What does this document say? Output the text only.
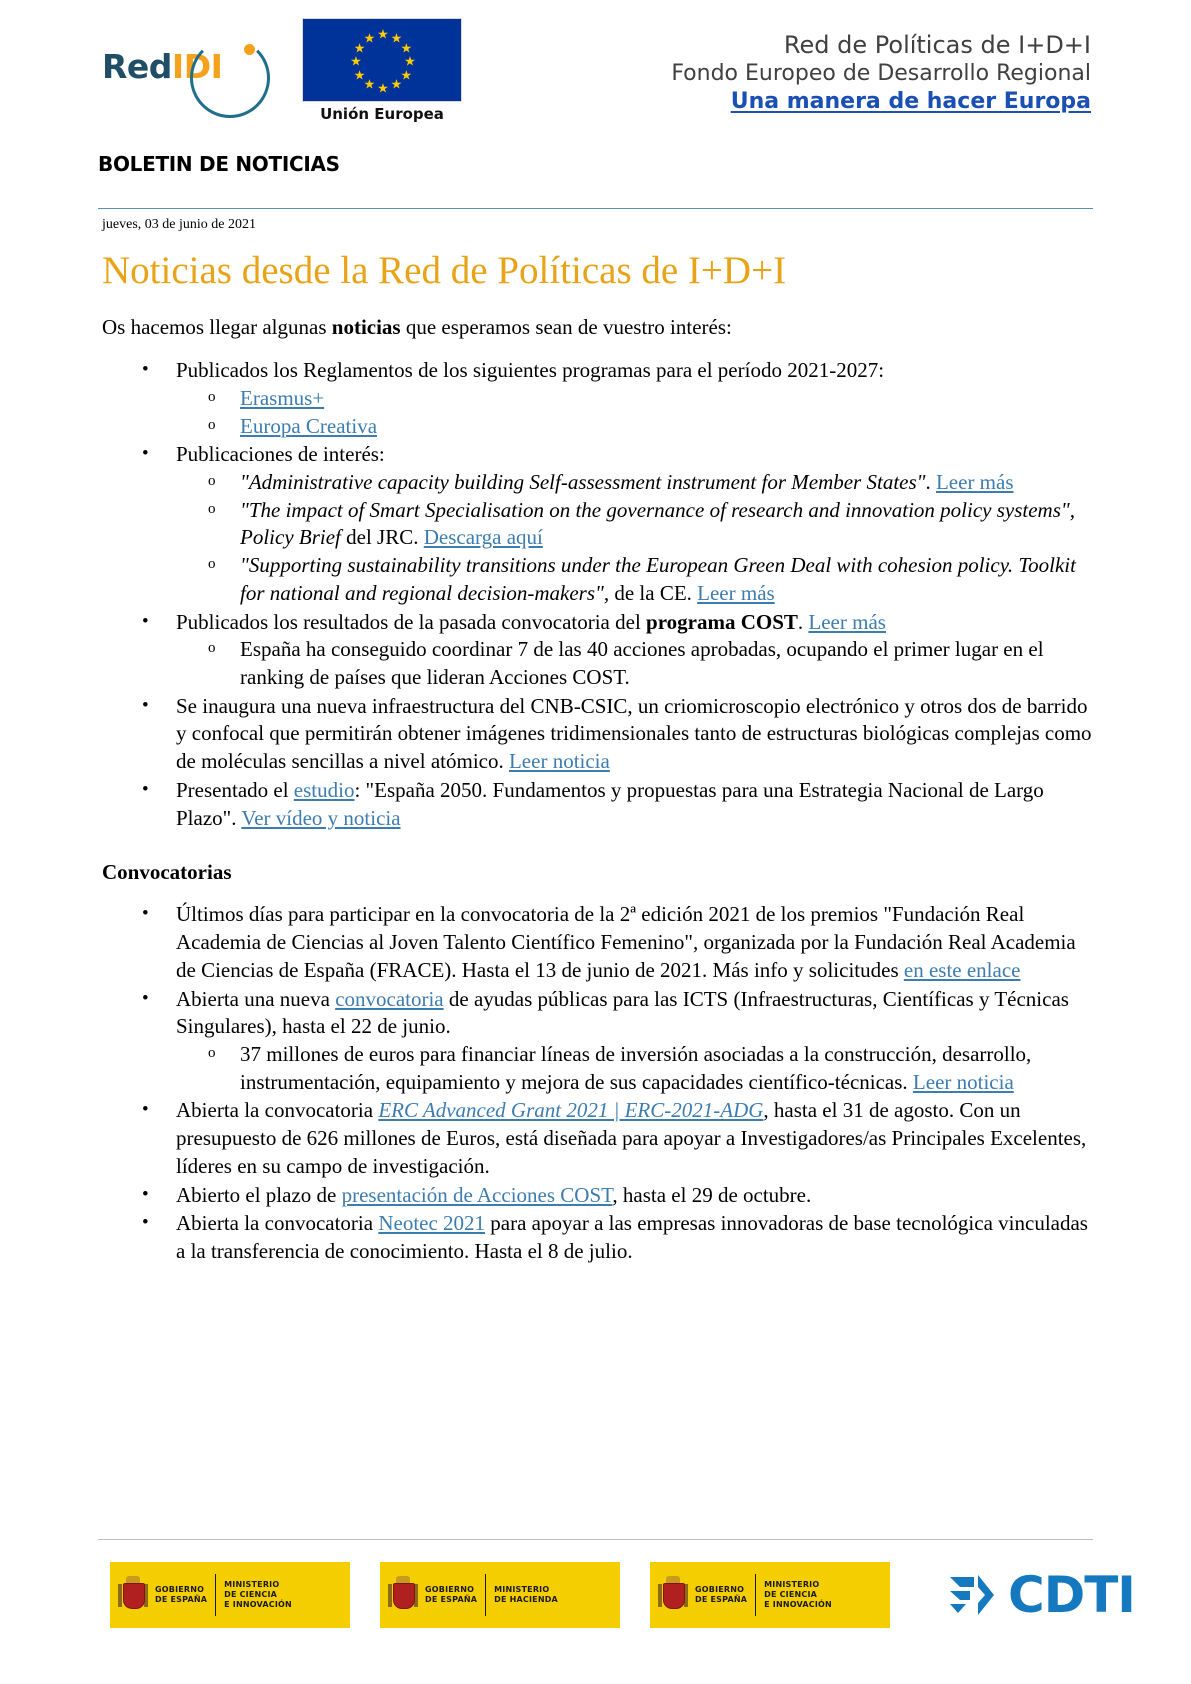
RedIDI
★ ★
★
★
★
★
★
★
★
★
★
★
Unión Europea
Red de Políticas de I+D+I
Fondo Europeo de Desarrollo Regional
Una manera de hacer Europa
BOLETIN DE NOTICIAS
jueves, 03 de junio de 2021
Noticias desde la Red de Políticas de I+D+I
Os hacemos llegar algunas noticias que esperamos sean de vuestro interés:
• Publicados los Reglamentos de los siguientes programas para el período 2021-2027:
o Erasmus+
o Europa Creativa
• Publicaciones de interés:
o "Administrative capacity building Self-assessment instrument for Member States". Leer más
o "The impact of Smart Specialisation on the governance of research and innovation policy systems", Policy Brief del JRC. Descarga aquí
o "Supporting sustainability transitions under the European Green Deal with cohesion policy. Toolkit for national and regional decision-makers", de la CE. Leer más
• Publicados los resultados de la pasada convocatoria del programa COST. Leer más
o España ha conseguido coordinar 7 de las 40 acciones aprobadas, ocupando el primer lugar en el ranking de países que lideran Acciones COST.
• Se inaugura una nueva infraestructura del CNB-CSIC, un criomicroscopio electrónico y otros dos de barrido y confocal que permitirán obtener imágenes tridimensionales tanto de estructuras biológicas complejas como de moléculas sencillas a nivel atómico. Leer noticia
• Presentado el estudio: "España 2050. Fundamentos y propuestas para una Estrategia Nacional de Largo Plazo". Ver vídeo y noticia
Convocatorias
• Últimos días para participar en la convocatoria de la 2ª edición 2021 de los premios "Fundación Real Academia de Ciencias al Joven Talento Científico Femenino", organizada por la Fundación Real Academia de Ciencias de España (FRACE). Hasta el 13 de junio de 2021. Más info y solicitudes en este enlace
• Abierta una nueva convocatoria de ayudas públicas para las ICTS (Infraestructuras, Científicas y Técnicas Singulares), hasta el 22 de junio.
o 37 millones de euros para financiar líneas de inversión asociadas a la construcción, desarrollo, instrumentación, equipamiento y mejora de sus capacidades científico-técnicas. Leer noticia
• Abierta la convocatoria ERC Advanced Grant 2021 | ERC-2021-ADG, hasta el 31 de agosto. Con un presupuesto de 626 millones de Euros, está diseñada para apoyar a Investigadores/as Principales Excelentes, líderes en su campo de investigación.
• Abierto el plazo de presentación de Acciones COST, hasta el 29 de octubre.
• Abierta la convocatoria Neotec 2021 para apoyar a las empresas innovadoras de base tecnológica vinculadas a la transferencia de conocimiento. Hasta el 8 de julio.
GOBIERNO
DE ESPAÑA
MINISTERIO
DE CIENCIA
E INNOVACIÓN
GOBIERNO
DE ESPAÑA
MINISTERIO
DE HACIENDA
GOBIERNO
DE ESPAÑA
MINISTERIO
DE CIENCIA
E INNOVACIÓN	CDTI
